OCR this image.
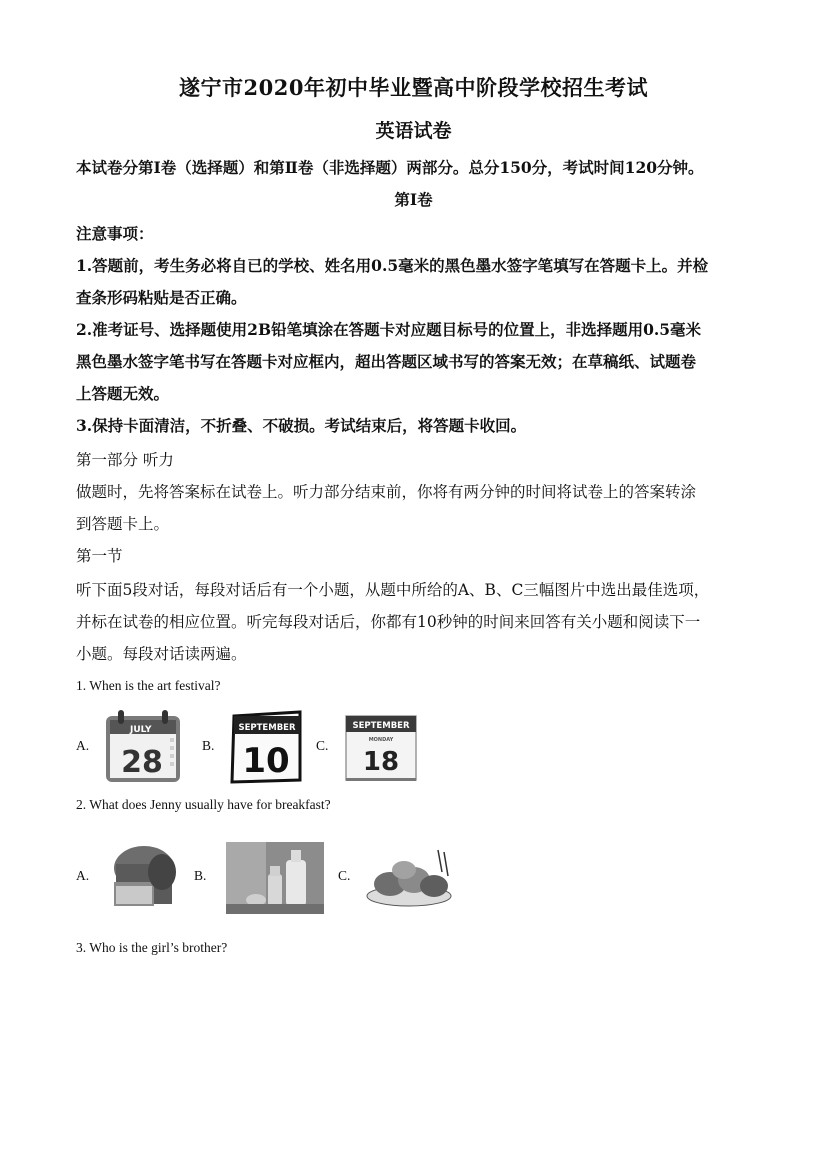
遂宁市2020年初中毕业暨高中阶段学校招生考试
英语试卷
本试卷分第Ⅰ卷（选择题）和第Ⅱ卷（非选择题）两部分。总分150分，考试时间120分钟。
第Ⅰ卷
注意事项：
1.答题前，考生务必将自已的学校、姓名用0.5毫米的黑色墨水签字笔填写在答题卡上。并检
查条形码粘贴是否正确。
2.准考证号、选择题使用2B铅笔填涂在答题卡对应题目标号的位置上，非选择题用0.5毫米
黑色墨水签字笔书写在答题卡对应框内，超出答题区域书写的答案无效；在草稿纸、试题卷
上答题无效。
3.保持卡面清洁，不折叠、不破损。考试结束后，将答题卡收回。
第一部分 听力
做题时，先将答案标在试卷上。听力部分结束前，你将有两分钟的时间将试卷上的答案转涂
到答题卡上。
第一节
听下面5段对话，每段对话后有一个小题，从题中所给的A、B、C三幅图片中选出最佳选项，
并标在试卷的相应位置。听完每段对话后，你都有10秒钟的时间来回答有关小题和阅读下一
小题。每段对话读两遍。
1. When is the art festival?
A.
JULY
28	B.
SEPTEMBER
10 C.
SEPTEMBER
MONDAY
18
2. What does Jenny usually have for breakfast?
A.	B.	C.
3. Who is the girl’s brother?
